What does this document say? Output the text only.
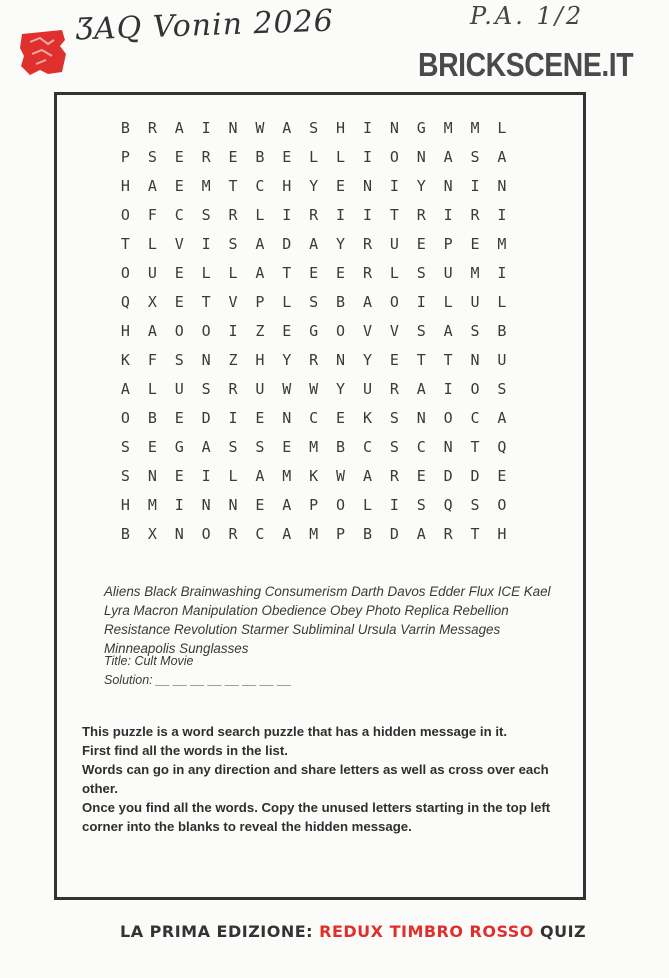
ƷAQ Vonin 2026	P.A. 1/2
BRICKSCENE.IT
B	R	A	I	N	W	A	S	H	I	N	G	M	M	L
P	S	E	R	E	B	E	L	L	I	O	N	A	S	A
H	A	E	M	T	C	H	Y	E	N	I	Y	N	I	N
O	F	C	S	R	L	I	R	I	I	T	R	I	R	I
T	L	V	I	S	A	D	A	Y	R	U	E	P	E	M
O	U	E	L	L	A	T	E	E	R	L	S	U	M	I
Q	X	E	T	V	P	L	S	B	A	O	I	L	U	L
H	A	O	O	I	Z	E	G	O	V	V	S	A	S	B
K	F	S	N	Z	H	Y	R	N	Y	E	T	T	N	U
A	L	U	S	R	U	W	W	Y	U	R	A	I	O	S
O	B	E	D	I	E	N	C	E	K	S	N	O	C	A
S	E	G	A	S	S	E	M	B	C	S	C	N	T	Q
S	N	E	I	L	A	M	K	W	A	R	E	D	D	E
H	M	I	N	N	E	A	P	O	L	I	S	Q	S	O
B	X	N	O	R	C	A	M	P	B	D	A	R	T	H
Aliens Black Brainwashing Consumerism Darth Davos Edder Flux ICE Kael Lyra Macron Manipulation Obedience Obey Photo Replica Rebellion Resistance Revolution Starmer Subliminal Ursula Varrin Messages Minneapolis Sunglasses
Title: Cult Movie
Solution: __ __ __ __ __ __ __ __

This puzzle is a word search puzzle that has a hidden message in it.

First find all the words in the list.

Words can go in any direction and share letters as well as cross over each other.

Once you find all the words. Copy the unused letters starting in the top left corner into the blanks to reveal the hidden message.

LA PRIMA EDIZIONE: REDUX TIMBRO ROSSO QUIZ
